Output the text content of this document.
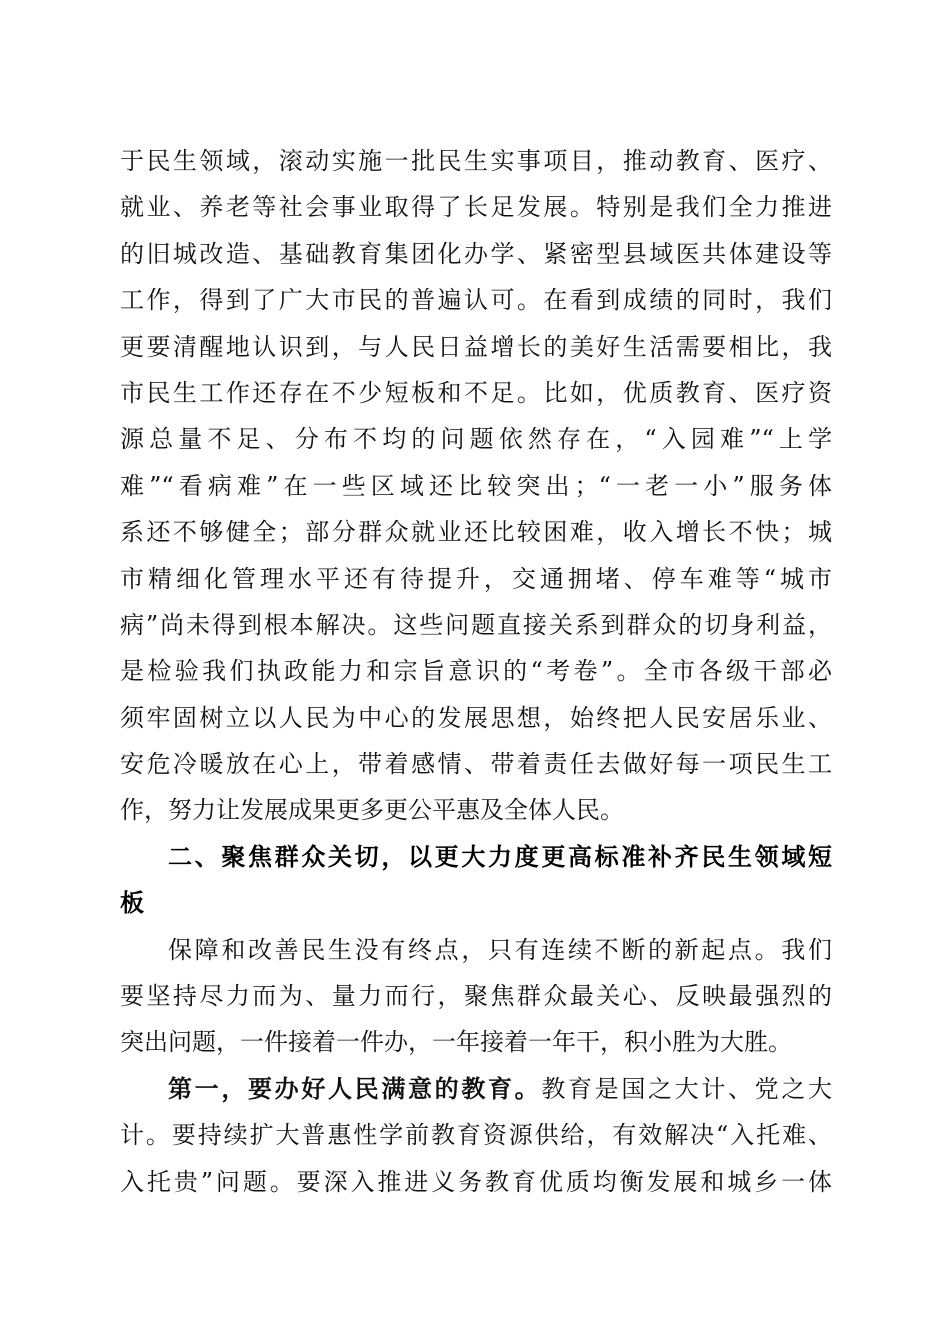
于民生领域，滚动实施一批民生实事项目，推动教育、医疗、
就业、养老等社会事业取得了长足发展。特别是我们全力推进
的旧城改造、基础教育集团化办学、紧密型县域医共体建设等
工作，得到了广大市民的普遍认可。在看到成绩的同时，我们
更要清醒地认识到，与人民日益增长的美好生活需要相比，我
市民生工作还存在不少短板和不足。比如，优质教育、医疗资
源总量不足、分布不均的问题依然存在，“入园难”“上学
难”“看病难”在一些区域还比较突出；“一老一小”服务体
系还不够健全；部分群众就业还比较困难，收入增长不快；城
市精细化管理水平还有待提升，交通拥堵、停车难等“城市
病”尚未得到根本解决。这些问题直接关系到群众的切身利益，
是检验我们执政能力和宗旨意识的“考卷”。全市各级干部必
须牢固树立以人民为中心的发展思想，始终把人民安居乐业、
安危冷暖放在心上，带着感情、带着责任去做好每一项民生工
作，努力让发展成果更多更公平惠及全体人民。
二、聚焦群众关切，以更大力度更高标准补齐民生领域短
板
保障和改善民生没有终点，只有连续不断的新起点。我们
要坚持尽力而为、量力而行，聚焦群众最关心、反映最强烈的
突出问题，一件接着一件办，一年接着一年干，积小胜为大胜。
第一，要办好人民满意的教育。教育是国之大计、党之大
计。要持续扩大普惠性学前教育资源供给，有效解决“入托难、
入托贵”问题。要深入推进义务教育优质均衡发展和城乡一体
